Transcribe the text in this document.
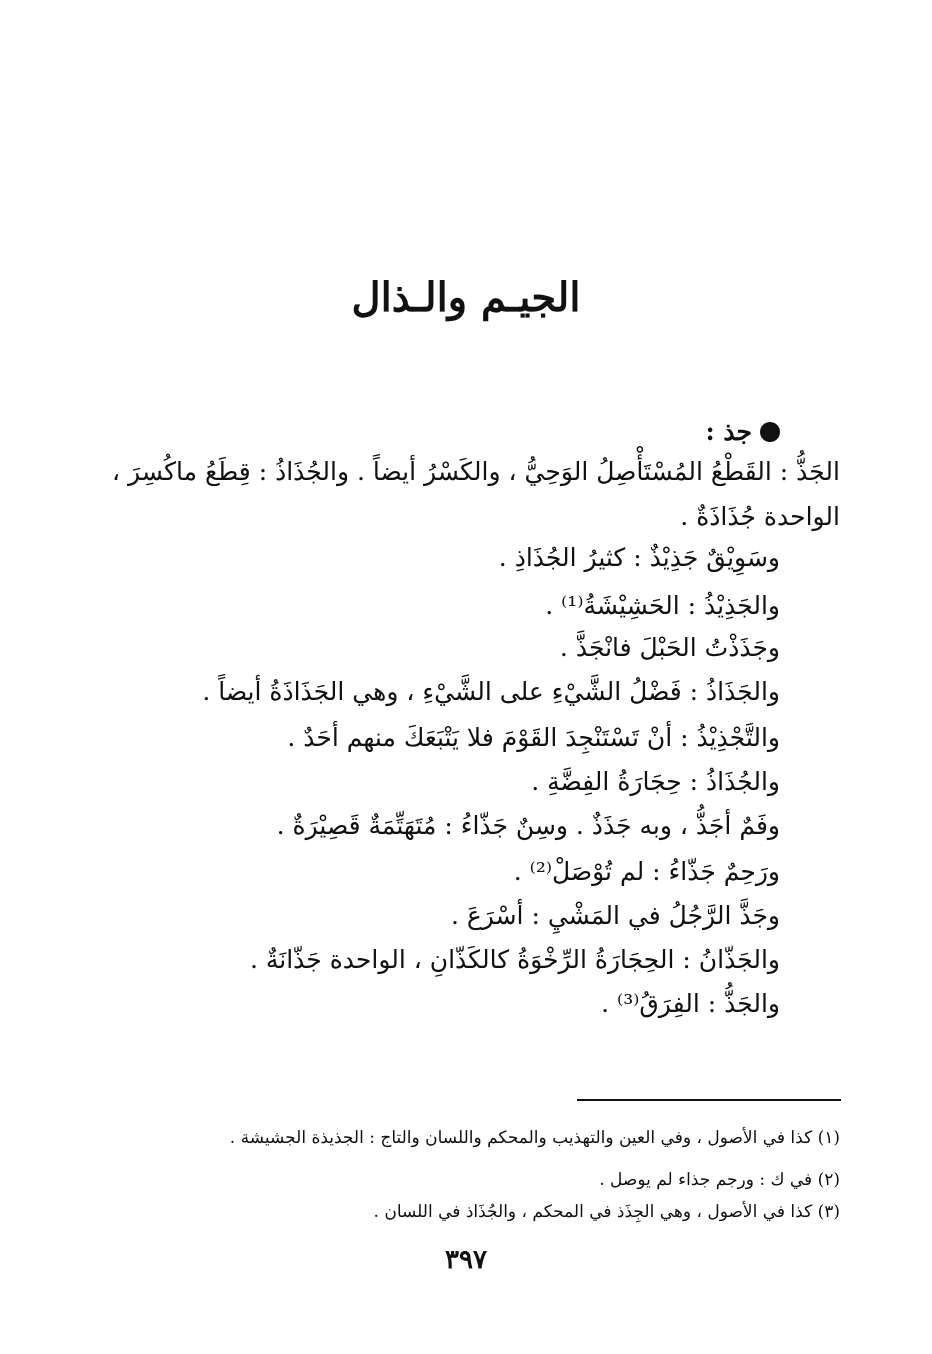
الجيـم والـذال
جذ :
الجَذُّ : القَطْعُ المُسْتَأْصِلُ الوَحِيُّ ، والكَسْرُ أيضاً . والجُذَاذُ : قِطَعُ ماكُسِرَ ،
الواحدة جُذَاذَةٌ .
وسَوِيْقٌ جَذِيْذٌ : كثيرُ الجُذَاذِ .
والجَذِيْذُ : الحَشِيْشَةُ⁽¹⁾ .
وجَذَذْتُ الحَبْلَ فانْجَذَّ .
والجَذَاذُ : فَضْلُ الشَّيْءِ على الشَّيْءِ ، وهي الجَذَاذَةُ أيضاً .
والتَّجْذِيْذُ : أنْ تَسْتَنْجِدَ القَوْمَ فلا يَتْبَعَكَ منهم أحَدٌ .
والجُذَاذُ : حِجَارَةُ الفِضَّةِ .
وفَمٌ أجَذُّ ، وبه جَذَذٌ . وسِنٌ جَذّاءُ : مُتَهَتِّمَةٌ قَصِيْرَةٌ .
ورَحِمٌ جَذّاءُ : لم تُوْصَلْ⁽²⁾ .
وجَذَّ الرَّجُلُ في المَشْيِ : أسْرَعَ .
والجَذّانُ : الحِجَارَةُ الرِّخْوَةُ كالكَذّانِ ، الواحدة جَذّانَةٌ .
والجَذُّ : الفِرَقُ⁽³⁾ .
(١) كذا في الأصول ، وفي العين والتهذيب والمحكم واللسان والتاج : الجذيذة الجشيشة .
(٢) في ك : ورجم جذاء لم يوصل .
(٣) كذا في الأصول ، وهي الجِذَذ في المحكم ، والجُذَاذ في اللسان .
٣٩٧
